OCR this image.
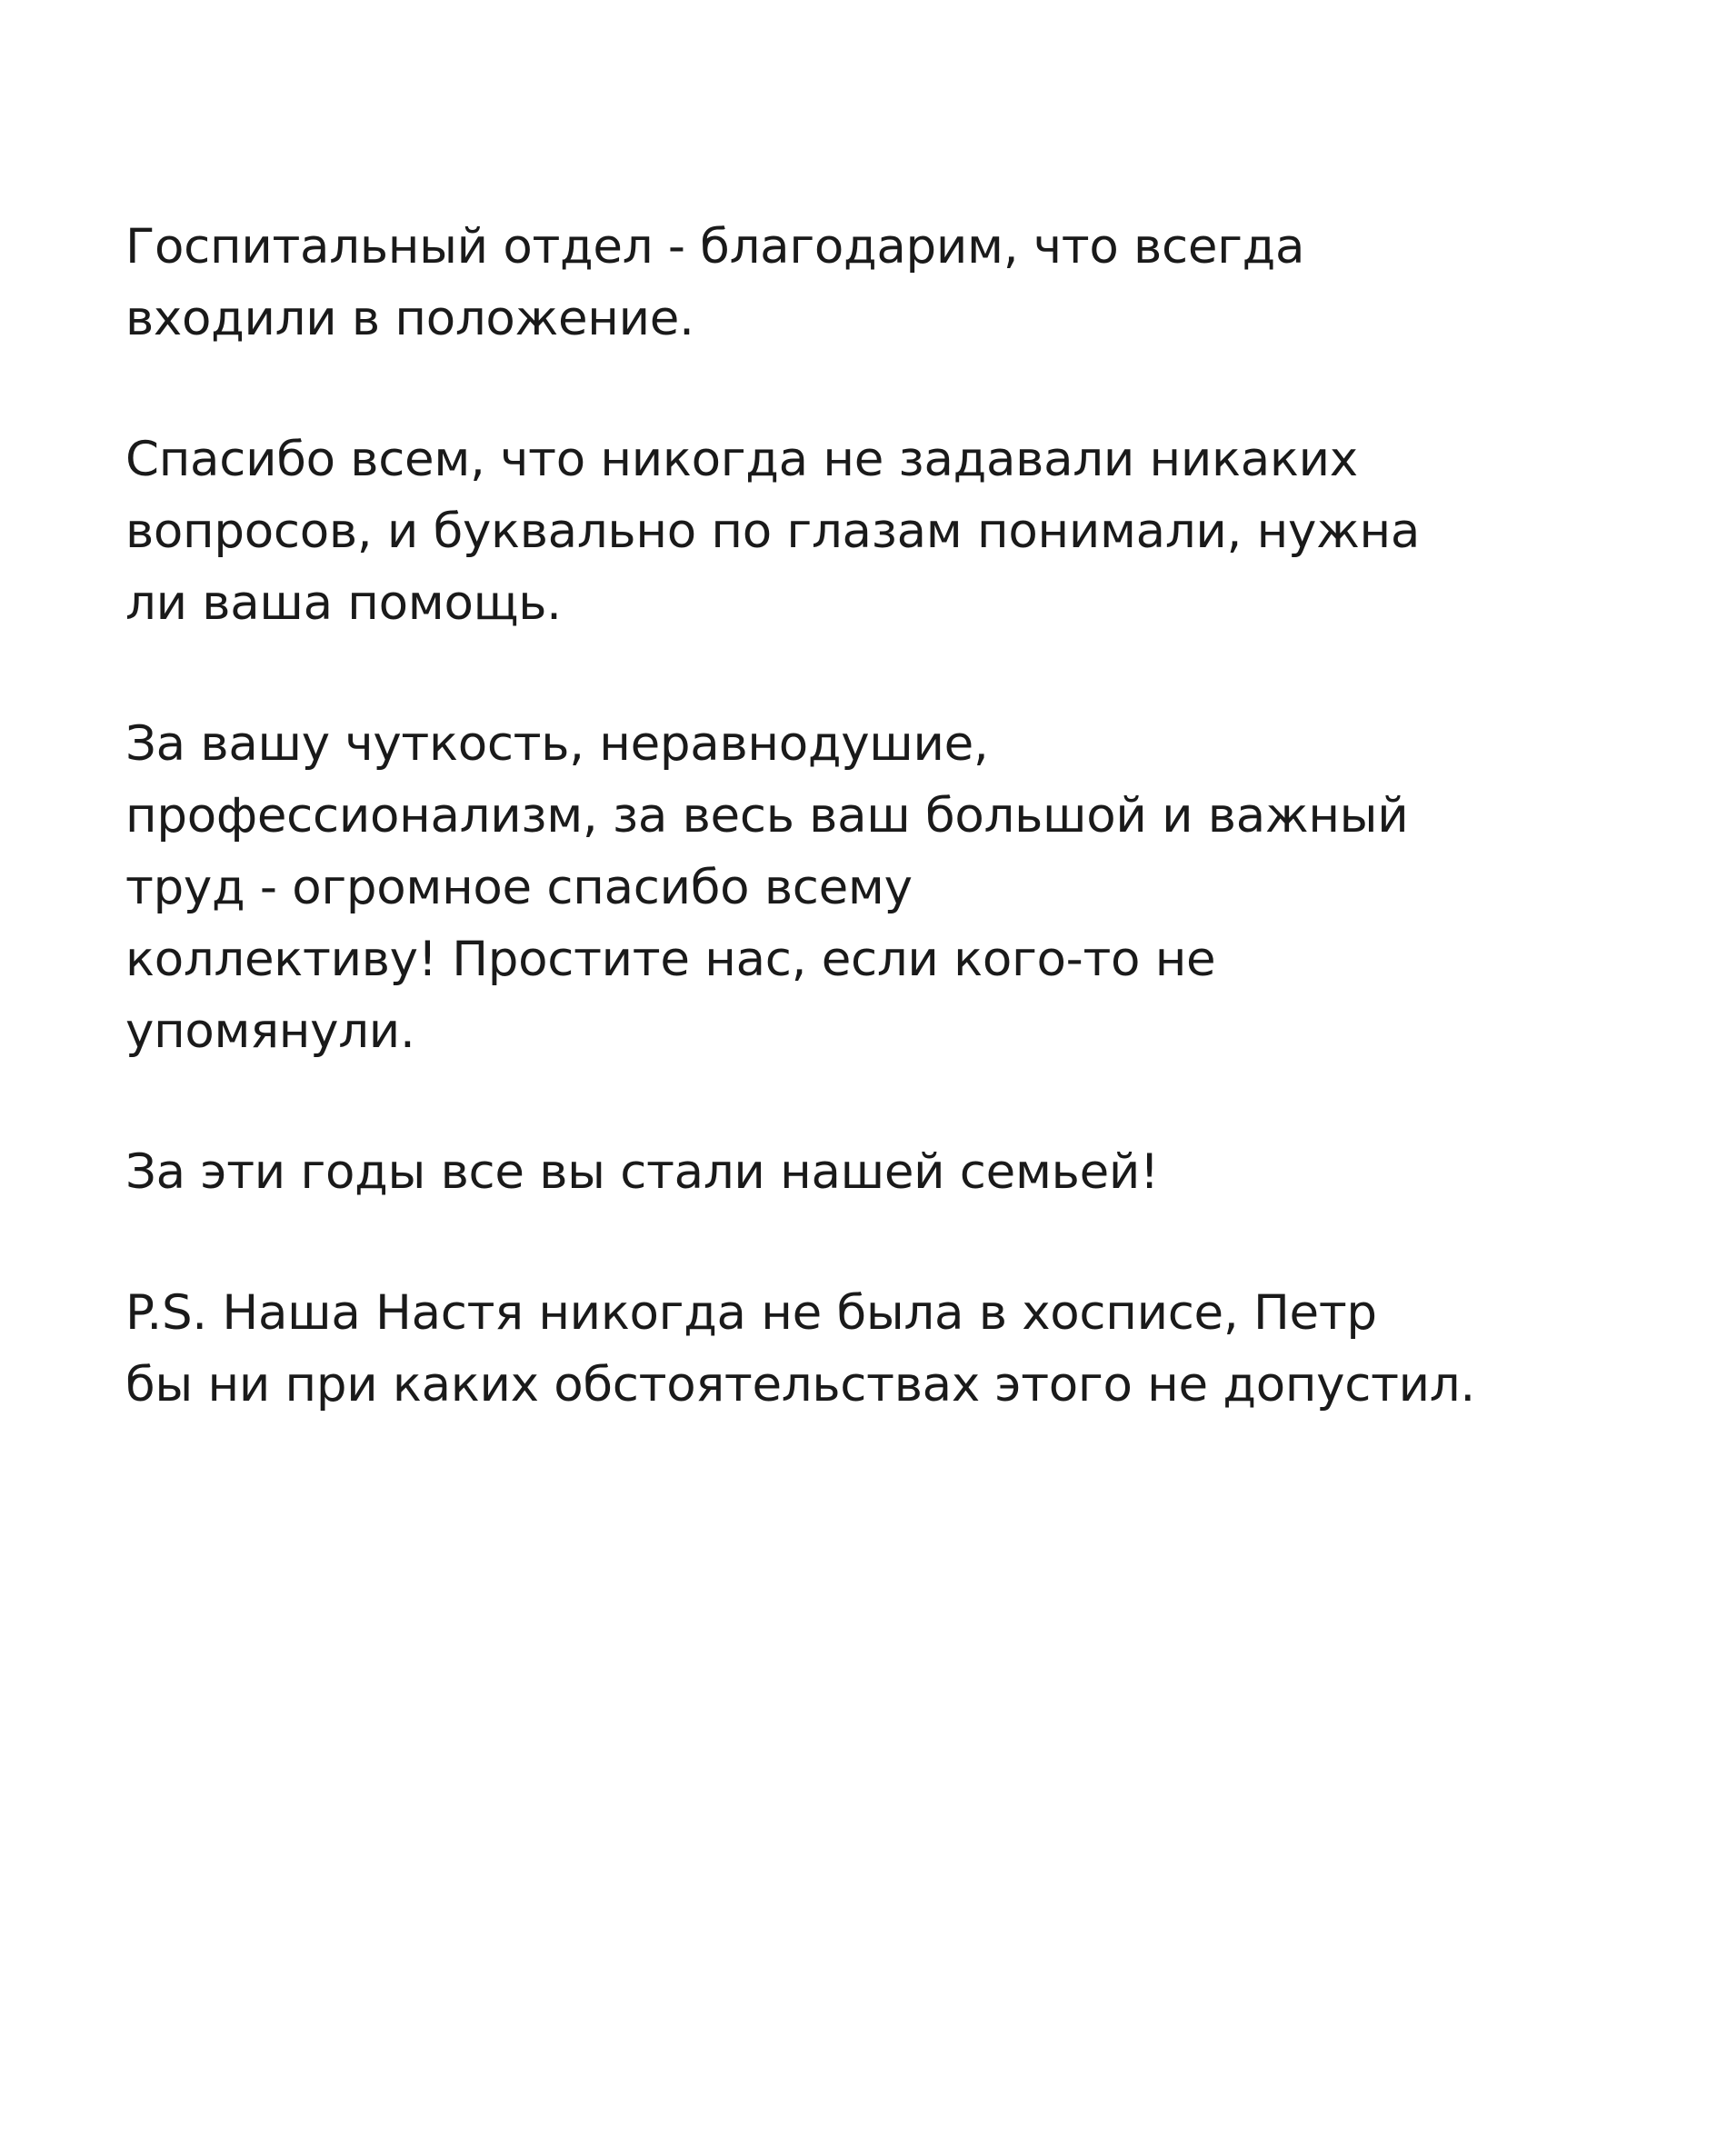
Госпитальный отдел - благодарим, что всегда
входили в положение.

Спасибо всем, что никогда не задавали никаких
вопросов, и буквально по глазам понимали, нужна
ли ваша помощь.

За вашу чуткость, неравнодушие,
профессионализм, за весь ваш большой и важный
труд - огромное спасибо всему
коллективу! Простите нас, если кого-то не
упомянули.

За эти годы все вы стали нашей семьей!

P.S. Наша Настя никогда не была в хосписе, Петр
бы ни при каких обстоятельствах этого не допустил.
